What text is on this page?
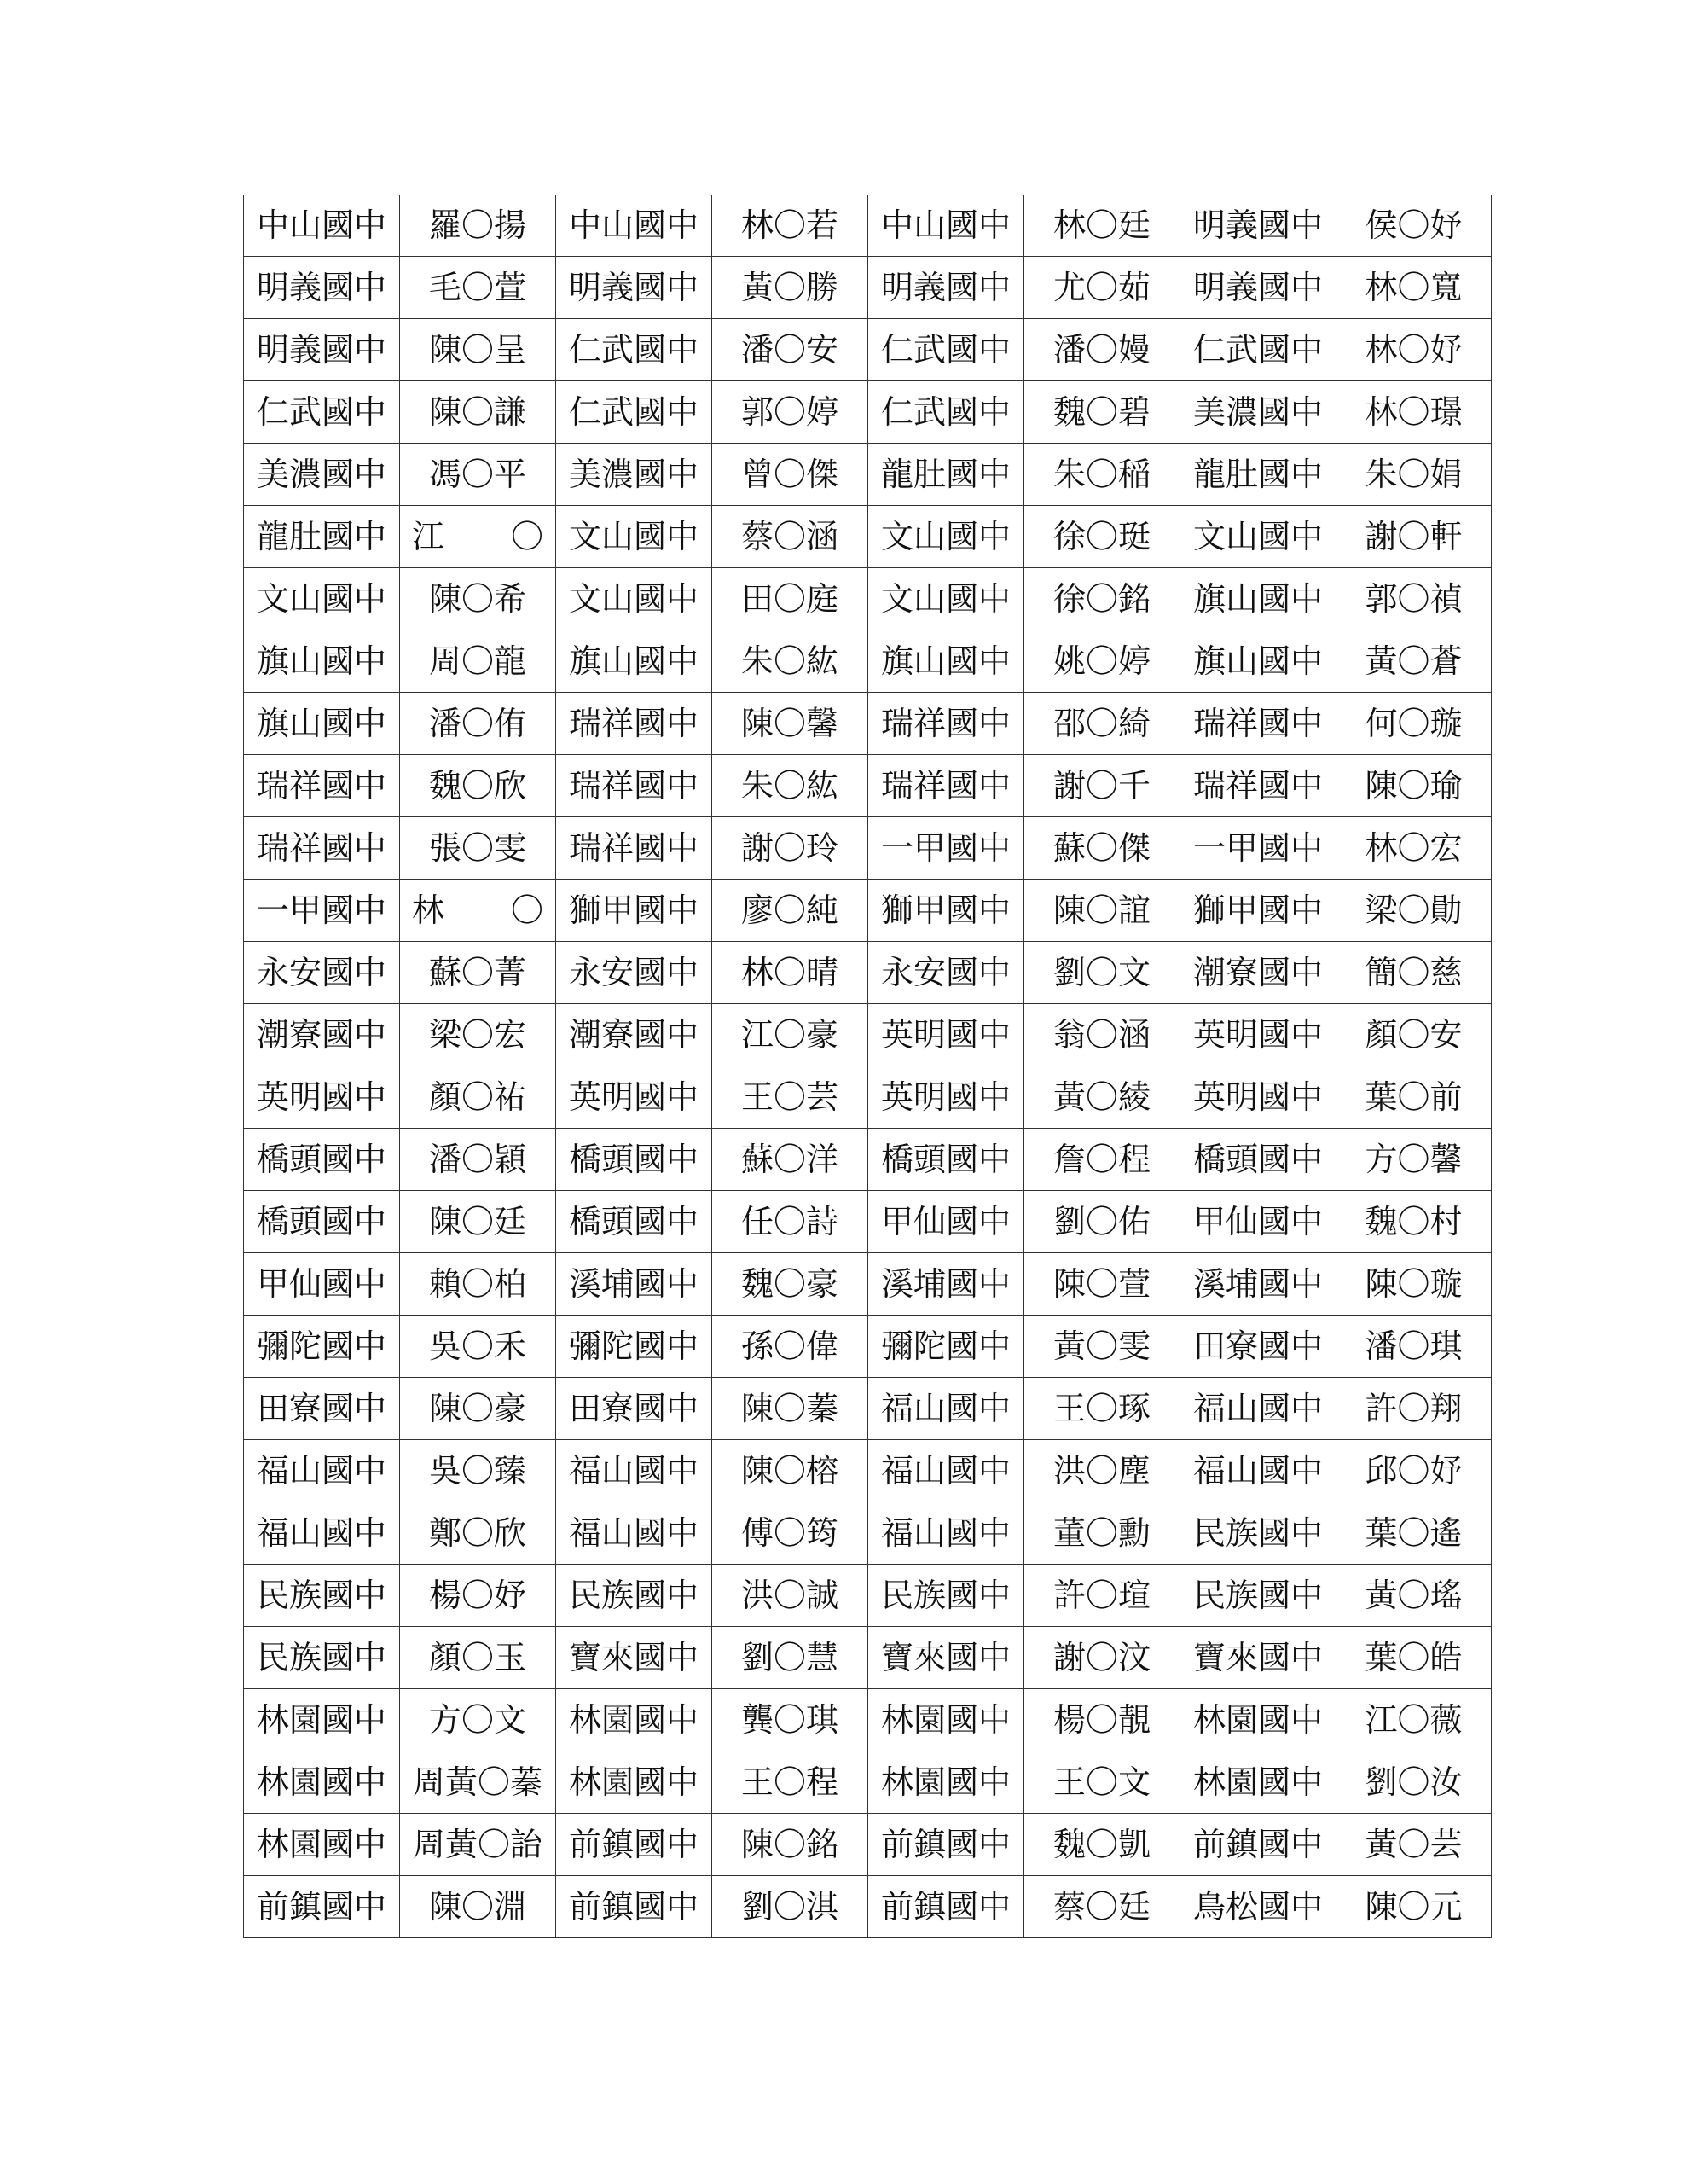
中山國中	羅〇揚	中山國中	林〇若	中山國中	林〇廷	明義國中	侯〇妤
明義國中	毛〇萱	明義國中	黃〇勝	明義國中	尤〇茹	明義國中	林〇寬
明義國中	陳〇呈	仁武國中	潘〇安	仁武國中	潘〇嫚	仁武國中	林〇妤
仁武國中	陳〇謙	仁武國中	郭〇婷	仁武國中	魏〇碧	美濃國中	林〇璟
美濃國中	馮〇平	美濃國中	曾〇傑	龍肚國中	朱〇稲	龍肚國中	朱〇娟
龍肚國中	江 〇	文山國中	蔡〇涵	文山國中	徐〇珽	文山國中	謝〇軒
文山國中	陳〇希	文山國中	田〇庭	文山國中	徐〇銘	旗山國中	郭〇禎
旗山國中	周〇龍	旗山國中	朱〇紘	旗山國中	姚〇婷	旗山國中	黃〇蒼
旗山國中	潘〇侑	瑞祥國中	陳〇馨	瑞祥國中	邵〇綺	瑞祥國中	何〇璇
瑞祥國中	魏〇欣	瑞祥國中	朱〇紘	瑞祥國中	謝〇千	瑞祥國中	陳〇瑜
瑞祥國中	張〇雯	瑞祥國中	謝〇玲	一甲國中	蘇〇傑	一甲國中	林〇宏
一甲國中	林 〇	獅甲國中	廖〇純	獅甲國中	陳〇誼	獅甲國中	梁〇勛
永安國中	蘇〇菁	永安國中	林〇晴	永安國中	劉〇文	潮寮國中	簡〇慈
潮寮國中	梁〇宏	潮寮國中	江〇豪	英明國中	翁〇涵	英明國中	顏〇安
英明國中	顏〇祐	英明國中	王〇芸	英明國中	黃〇綾	英明國中	葉〇前
橋頭國中	潘〇穎	橋頭國中	蘇〇洋	橋頭國中	詹〇程	橋頭國中	方〇馨
橋頭國中	陳〇廷	橋頭國中	任〇詩	甲仙國中	劉〇佑	甲仙國中	魏〇村
甲仙國中	賴〇柏	溪埔國中	魏〇豪	溪埔國中	陳〇萱	溪埔國中	陳〇璇
彌陀國中	吳〇禾	彌陀國中	孫〇偉	彌陀國中	黃〇雯	田寮國中	潘〇琪
田寮國中	陳〇豪	田寮國中	陳〇蓁	福山國中	王〇琢	福山國中	許〇翔
福山國中	吳〇臻	福山國中	陳〇榕	福山國中	洪〇塵	福山國中	邱〇妤
福山國中	鄭〇欣	福山國中	傅〇筠	福山國中	董〇勳	民族國中	葉〇遙
民族國中	楊〇妤	民族國中	洪〇誠	民族國中	許〇瑄	民族國中	黃〇瑤
民族國中	顏〇玉	寶來國中	劉〇慧	寶來國中	謝〇汶	寶來國中	葉〇皓
林園國中	方〇文	林園國中	龔〇琪	林園國中	楊〇靚	林園國中	江〇薇
林園國中	周黃〇蓁	林園國中	王〇程	林園國中	王〇文	林園國中	劉〇汝
林園國中	周黃〇詒	前鎮國中	陳〇銘	前鎮國中	魏〇凱	前鎮國中	黃〇芸
前鎮國中	陳〇淵	前鎮國中	劉〇淇	前鎮國中	蔡〇廷	鳥松國中	陳〇元
